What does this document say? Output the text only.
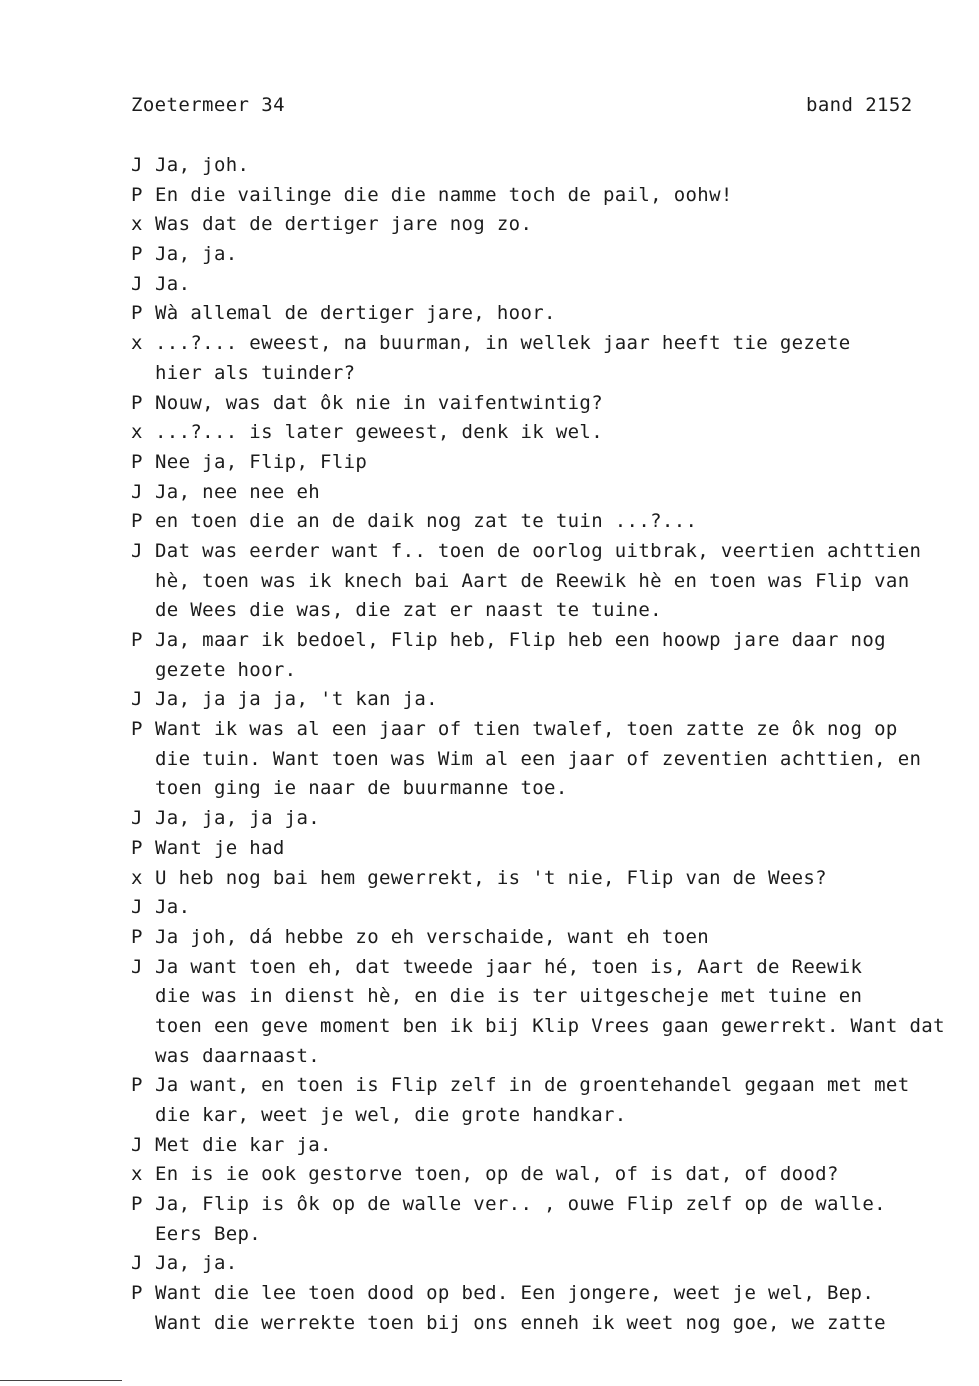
Zoetermeer 34	band 2152
J Ja, joh.
P En die vailinge die die namme toch de pail, oohw!
x Was dat de dertiger jare nog zo.
P Ja, ja.
J Ja.
P Wà allemal de dertiger jare, hoor.
x ...?... eweest, na buurman, in wellek jaar heeft tie gezete
hier als tuinder?
P Nouw, was dat ôk nie in vaifentwintig?
x ...?... is later geweest, denk ik wel.
P Nee ja, Flip, Flip
J Ja, nee nee eh
P en toen die an de daik nog zat te tuin ...?...
J Dat was eerder want f.. toen de oorlog uitbrak, veertien achttien
hè, toen was ik knech bai Aart de Reewik hè en toen was Flip van
de Wees die was, die zat er naast te tuine.
P Ja, maar ik bedoel, Flip heb, Flip heb een hoowp jare daar nog
gezete hoor.
J Ja, ja ja ja, 't kan ja.
P Want ik was al een jaar of tien twalef, toen zatte ze ôk nog op
die tuin. Want toen was Wim al een jaar of zeventien achttien, en
toen ging ie naar de buurmanne toe.
J Ja, ja, ja ja.
P Want je had
x U heb nog bai hem gewerrekt, is 't nie, Flip van de Wees?
J Ja.
P Ja joh, dá hebbe zo eh verschaide, want eh toen
J Ja want toen eh, dat tweede jaar hé, toen is, Aart de Reewik
die was in dienst hè, en die is ter uitgescheje met tuine en
toen een geve moment ben ik bij Klip Vrees gaan gewerrekt. Want dat
was daarnaast.
P Ja want, en toen is Flip zelf in de groentehandel gegaan met met
die kar, weet je wel, die grote handkar.
J Met die kar ja.
x En is ie ook gestorve toen, op de wal, of is dat, of dood?
P Ja, Flip is ôk op de walle ver.. , ouwe Flip zelf op de walle.
Eers Bep.
J Ja, ja.
P Want die lee toen dood op bed. Een jongere, weet je wel, Bep.
Want die werrekte toen bij ons enneh ik weet nog goe, we zatte
